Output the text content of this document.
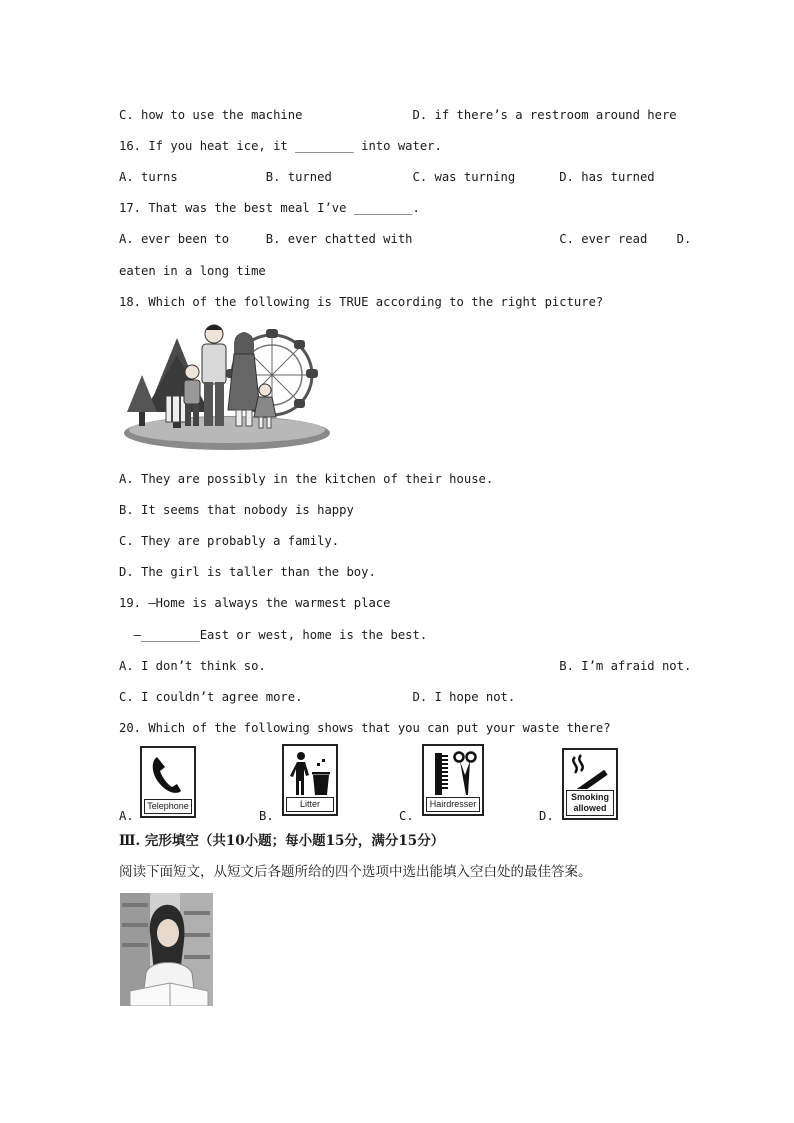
C. how to use the machine               D. if there’s a restroom around here
16. If you heat ice, it ________ into water.
A. turns            B. turned           C. was turning      D. has turned
17. That was the best meal I’ve ________.
A. ever been to     B. ever chatted with                    C. ever read    D.
eaten in a long time
18. Which of the following is TRUE according to the right picture?
A. They are possibly in the kitchen of their house.
B. It seems that nobody is happy
C. They are probably a family.
D. The girl is taller than the boy.
19. —Home is always the warmest place
—________East or west, home is the best.
A. I don’t think so.                                        B. I’m afraid not.
C. I couldn’t agree more.               D. I hope not.
20. Which of the following shows that you can put your waste there?
A.
Telephone
B.
Litter
C.
Hairdresser
D.
Smoking
allowed
Ⅲ. 完形填空（共10小题；每小题15分，满分15分）
阅读下面短文，从短文后各题所给的四个选项中选出能填入空白处的最佳答案。
